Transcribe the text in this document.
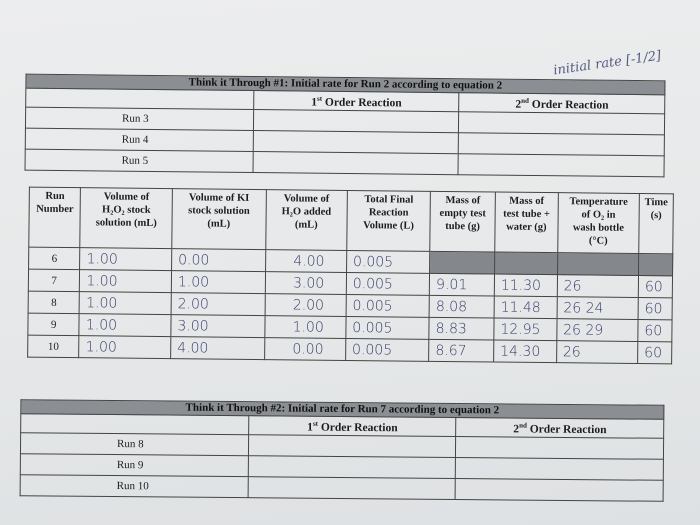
initial rate [-1/2]
Think it Through #1: Initial rate for Run 2 according to equation 2		
	1st Order Reaction	2nd Order Reaction
Run 3		
Run 4		
Run 5		
Run Number	Volume of
H₂O₂ stock
solution (mL)	Volume of KI
stock solution
(mL)	Volume of
H₂O added
(mL)	Total Final
Reaction
Volume (L)	Mass of
empty test
tube (g)	Mass of
test tube +
water (g)	Temperature
of O₂ in
wash bottle
(°C)	Time
(s)
6	1.00	0.00	4.00	0.005				
7	1.00	1.00	3.00	0.005	9.01	11.30	26	60
8	1.00	2.00	2.00	0.005	8.08	11.48	26 24	60
9	1.00	3.00	1.00	0.005	8.83	12.95	26 29	60
10	1.00	4.00	0.00	0.005	8.67	14.30	26	60
Think it Through #2: Initial rate for Run 7 according to equation 2		
	1st Order Reaction	2nd Order Reaction
Run 8		
Run 9		
Run 10		
